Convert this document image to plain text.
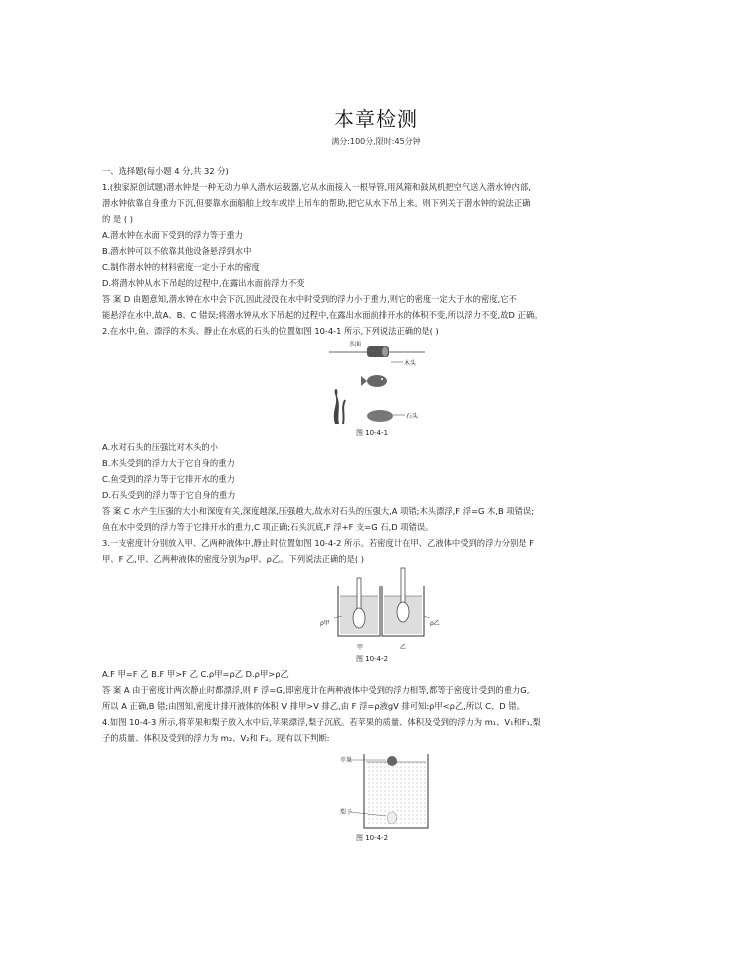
本章检测
满分:100分,限时:45分钟
一、选择题(每小题 4 分,共 32 分)
1.(独家原创试题)潜水钟是一种无动力单人潜水运载器,它从水面接入一根导管,用风箱和鼓风机把空气送入潜水钟内部,
潜水钟依靠自身重力下沉,但要靠水面船舶上绞车或岸上吊车的帮助,把它从水下吊上来。则下列关于潜水钟的说法正确
的 是 ( )
A.潜水钟在水面下受到的浮力等于重力
B.潜水钟可以不依靠其他设备悬浮到水中
C.制作潜水钟的材料密度一定小于水的密度
D.将潜水钟从水下吊起的过程中,在露出水面前浮力不变
答 案 D 由题意知,潜水钟在水中会下沉,因此浸没在水中时受到的浮力小于重力,则它的密度一定大于水的密度,它不
能悬浮在水中,故A、B、C 错误;将潜水钟从水下吊起的过程中,在露出水面前排开水的体积不变,所以浮力不变,故D 正确。
2.在水中,鱼、漂浮的木头、静止在水底的石头的位置如图 10-4-1 所示,下列说法正确的是( )
水面
木头
石头
图 10-4-1
A.水对石头的压强比对木头的小
B.木头受到的浮力大于它自身的重力
C.鱼受到的浮力等于它排开水的重力
D.石头受到的浮力等于它自身的重力
答 案 C 水产生压强的大小和深度有关,深度越深,压强越大,故水对石头的压强大,A 项错;木头漂浮,F 浮=G 木,B 项错误;
鱼在水中受到的浮力等于它排开水的重力,C 项正确;石头沉底,F 浮+F 支=G 石,D 项错误。
3.一支密度计分别放入甲、乙两种液体中,静止时位置如图 10-4-2 所示。若密度计在甲、乙液体中受到的浮力分别是 F
甲、F 乙,甲、乙两种液体的密度分别为ρ甲、ρ乙。下列说法正确的是( )
ρ甲	ρ乙
甲	乙
图 10-4-2
A.F 甲=F 乙 B.F 甲>F 乙 C.ρ甲=ρ乙 D.ρ甲>ρ乙
答 案 A 由于密度计两次静止时都漂浮,则 F 浮=G,即密度计在两种液体中受到的浮力相等,都等于密度计受到的重力G,
所以 A 正确,B 错;由图知,密度计排开液体的体积 V 排甲>V 排乙,由 F 浮=ρ液gV 排可知:ρ甲<ρ乙,所以 C、D 错。
4.如图 10-4-3 所示,将苹果和梨子放入水中后,苹果漂浮,梨子沉底。若苹果的质量、体积及受到的浮力为 m₁、V₁和F₁,梨
子的质量、体积及受到的浮力为 m₂、V₂和 F₂。现有以下判断:
苹果
梨子
图 10-4-2
